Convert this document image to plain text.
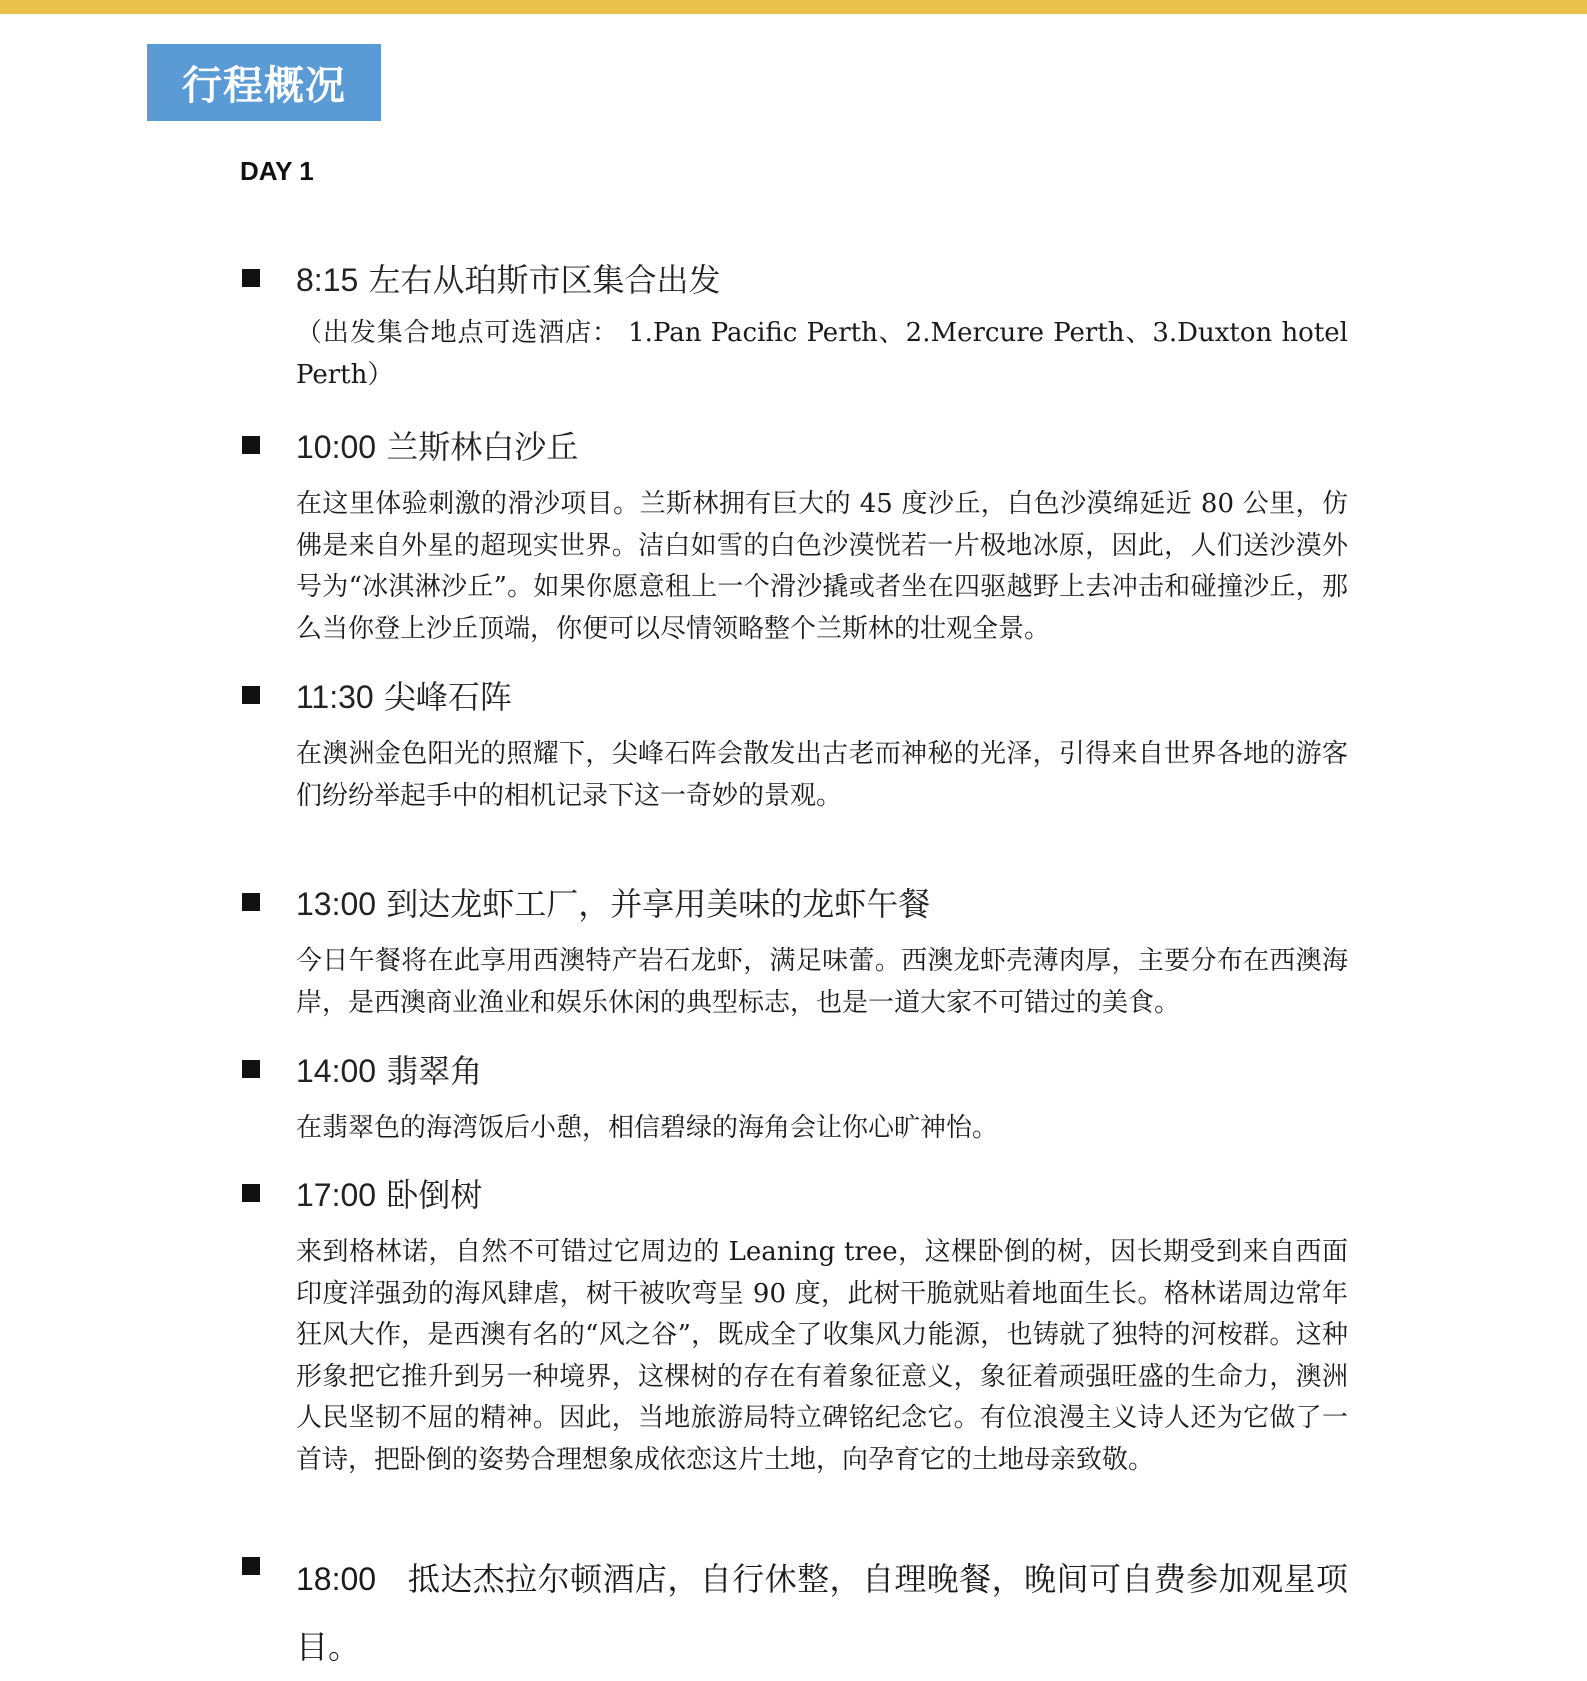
行程概况
DAY 1
8:15 左右从珀斯市区集合出发
（出发集合地点可选酒店： 1.Pan Pacific Perth、2.Mercure Perth、3.Duxton hotel Perth）
10:00 兰斯林白沙丘
在这里体验刺激的滑沙项目。兰斯林拥有巨大的 45 度沙丘，白色沙漠绵延近 80 公里，仿佛是来自外星的超现实世界。洁白如雪的白色沙漠恍若一片极地冰原，因此，人们送沙漠外号为“冰淇淋沙丘”。如果你愿意租上一个滑沙撬或者坐在四驱越野上去冲击和碰撞沙丘，那么当你登上沙丘顶端，你便可以尽情领略整个兰斯林的壮观全景。
11:30 尖峰石阵
在澳洲金色阳光的照耀下，尖峰石阵会散发出古老而神秘的光泽，引得来自世界各地的游客们纷纷举起手中的相机记录下这一奇妙的景观。
13:00 到达龙虾工厂，并享用美味的龙虾午餐
今日午餐将在此享用西澳特产岩石龙虾，满足味蕾。西澳龙虾壳薄肉厚，主要分布在西澳海岸，是西澳商业渔业和娱乐休闲的典型标志，也是一道大家不可错过的美食。
14:00 翡翠角
在翡翠色的海湾饭后小憩，相信碧绿的海角会让你心旷神怡。
17:00 卧倒树
来到格林诺，自然不可错过它周边的 Leaning tree，这棵卧倒的树，因长期受到来自西面印度洋强劲的海风肆虐，树干被吹弯呈 90 度，此树干脆就贴着地面生长。格林诺周边常年狂风大作，是西澳有名的“风之谷”，既成全了收集风力能源，也铸就了独特的河桉群。这种形象把它推升到另一种境界，这棵树的存在有着象征意义，象征着顽强旺盛的生命力，澳洲人民坚韧不屈的精神。因此，当地旅游局特立碑铭纪念它。有位浪漫主义诗人还为它做了一首诗，把卧倒的姿势合理想象成依恋这片土地，向孕育它的土地母亲致敬。
18:00 抵达杰拉尔顿酒店，自行休整，自理晚餐，晚间可自费参加观星项目。
